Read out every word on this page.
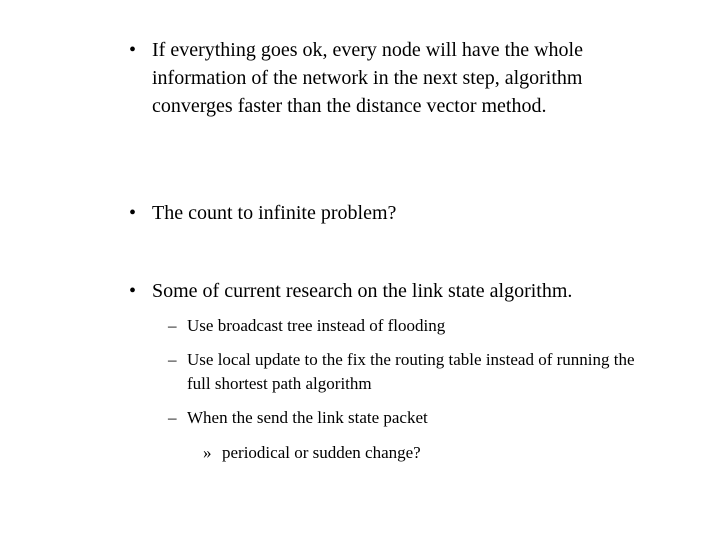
• If everything goes ok, every node will have the whole information of the network in the next step, algorithm converges faster than the distance vector method.
• The count to infinite problem?
• Some of current research on the link state algorithm.
– Use broadcast tree instead of flooding
– Use local update to the fix the routing table instead of running the full shortest path algorithm
– When the send the link state packet
» periodical or sudden change?
